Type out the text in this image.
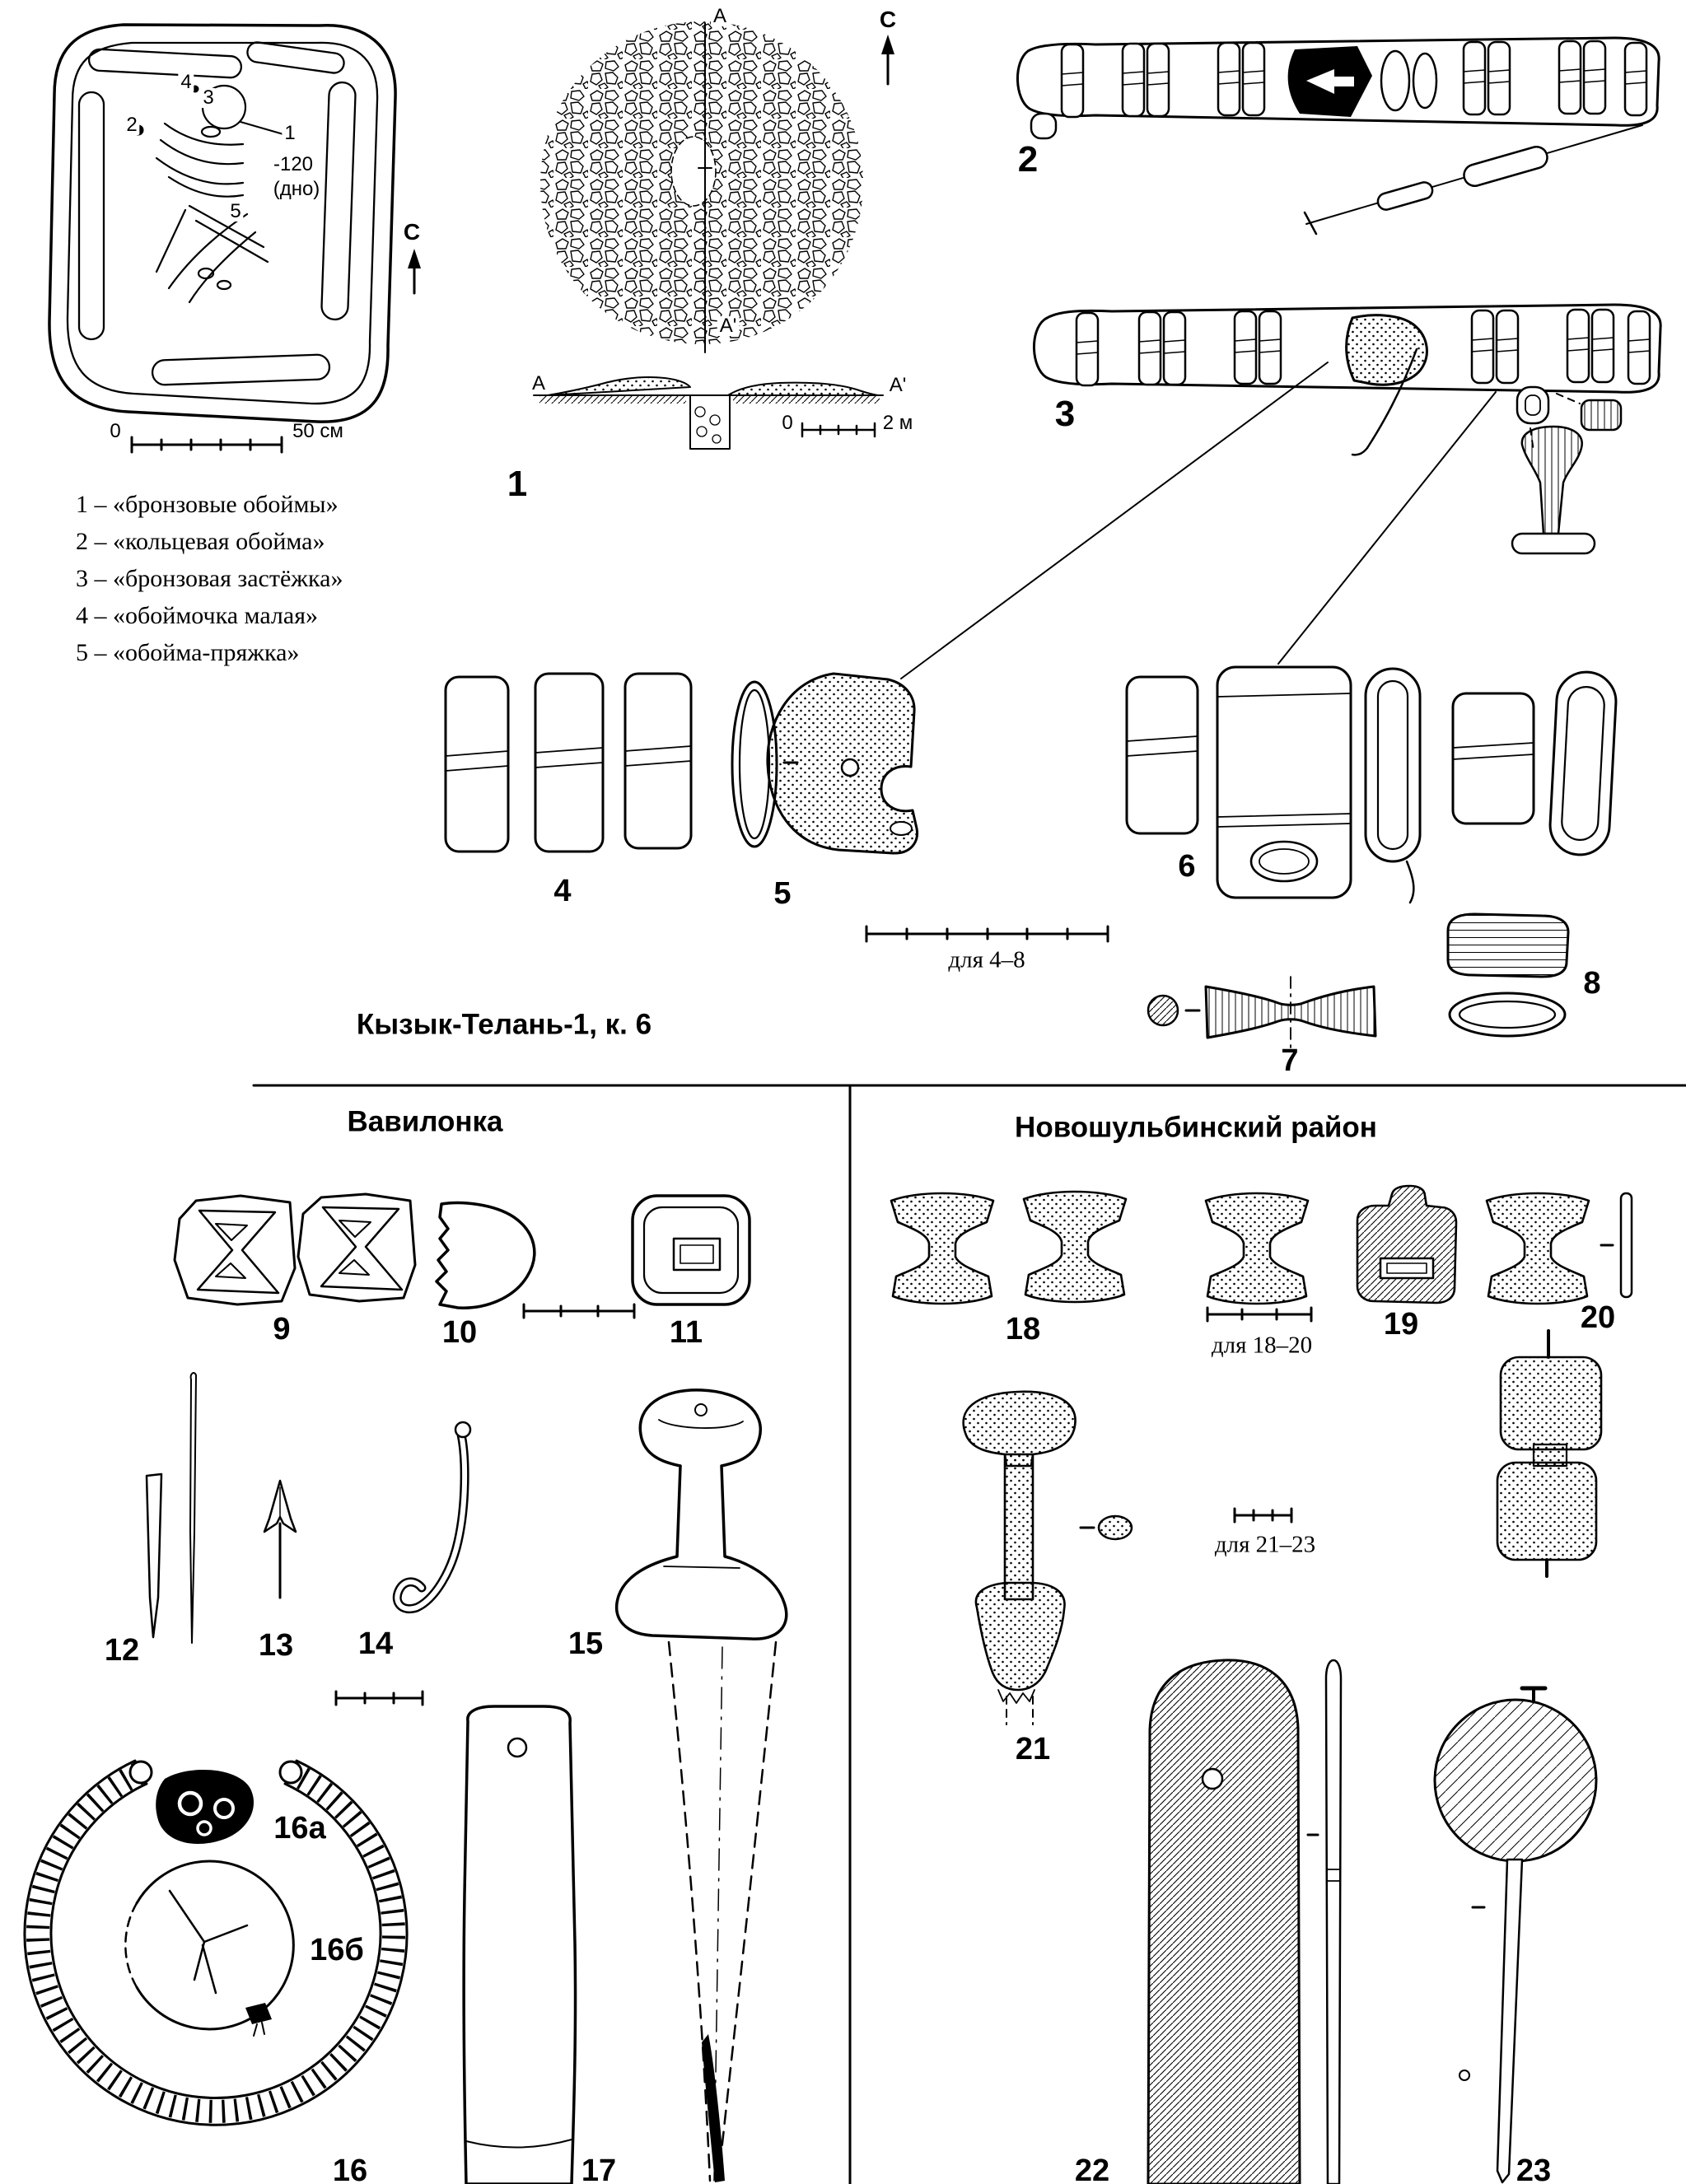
4
3
2	1
-120
(дно)
5
С
0	50 см
1 – «бронзовые обоймы»
2 – «кольцевая обойма»
3 – «бронзовая застёжка»
4 – «обоймочка малая»
5 – «обойма-пряжка»
А	С
А'
А	А'
0	2 м
1
2
3
4	5
6
7
8
для 4–8
Кызык-Телань-1, к. 6
Вавилонка	Новошульбинский район
9	10	11
12	13 14	15
16а
16б
16	17
18	для 18–20
19	20
21
для 21–23
22	23
